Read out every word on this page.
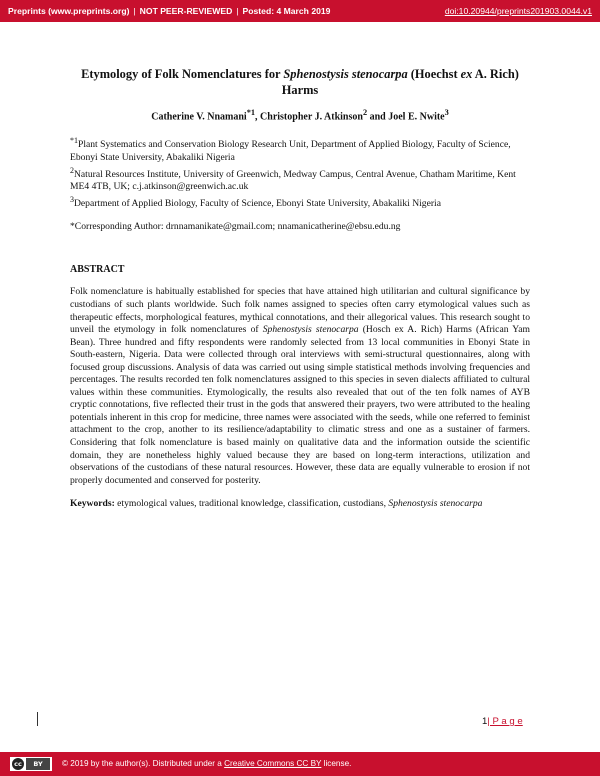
Preprints (www.preprints.org) | NOT PEER-REVIEWED | Posted: 4 March 2019	doi:10.20944/preprints201903.0044.v1

Etymology of Folk Nomenclatures for Sphenostysis stenocarpa (Hoechst ex A. Rich) Harms

Catherine V. Nnamani$^{*1}$, Christopher J. Atkinson$^2$ and Joel E. Nwite$^3$
$^{*1}$Plant Systematics and Conservation Biology Research Unit, Department of Applied Biology, Faculty of Science, Ebonyi State University, Abakaliki Nigeria
$^2$Natural Resources Institute, University of Greenwich, Medway Campus, Central Avenue, Chatham Maritime, Kent ME4 4TB, UK; c.j.atkinson@greenwich.ac.uk
$^3$Department of Applied Biology, Faculty of Science, Ebonyi State University, Abakaliki Nigeria
*Corresponding Author: drnnamanikate@gmail.com; nnamanicatherine@ebsu.edu.ng
ABSTRACT
Folk nomenclature is habitually established for species that have attained high utilitarian and cultural significance by custodians of such plants worldwide. Such folk names assigned to species often carry etymological values such as therapeutic effects, morphological features, mythical connotations, and their allegorical values. This research sought to unveil the etymology in folk nomenclatures of Sphenostysis stenocarpa (Hosch ex A. Rich) Harms (African Yam Bean). Three hundred and fifty respondents were randomly selected from 13 local communities in Ebonyi State in South-eastern, Nigeria. Data were collected through oral interviews with semi-structural questionnaires, along with focused group discussions. Analysis of data was carried out using simple statistical methods involving frequencies and percentages. The results recorded ten folk nomenclatures assigned to this species in seven dialects affiliated to cultural values within these communities. Etymologically, the results also revealed that out of the ten folk names of AYB cryptic connotations, five reflected their trust in the gods that answered their prayers, two were attributed to the healing potentials inherent in this crop for medicine, three names were associated with the seeds, while one referred to feminist attachment to the crop, another to its resilience/adaptability to climatic stress and one as a sustainer of farmers. Considering that folk nomenclature is based mainly on qualitative data and the information outside the scientific domain, they are nonetheless highly valued because they are based on long-term interactions, utilization and observations of the custodians of these natural resources. However, these data are equally vulnerable to erosion if not properly documented and conserved for posterity.
Keywords: etymological values, traditional knowledge, classification, custodians, Sphenostysis stenocarpa
1| P a g e
cc	BY	© 2019 by the author(s). Distributed under a Creative Commons CC BY license.
